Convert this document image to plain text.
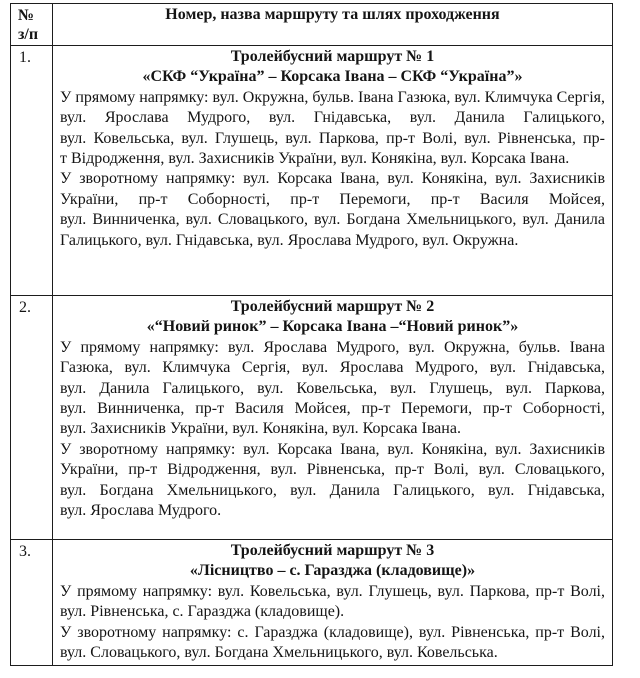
№
з/п	Номер, назва маршруту та шлях проходження
1.	Тролейбусний маршрут № 1
«СКФ “Україна” – Корсака Івана – СКФ “Україна”»

У прямому напрямку: вул. Окружна, бульв. Івана Газюка, вул. Климчука Сергія, вул. Ярослава Мудрого, вул. Гнідавська, вул. Данила Галицького, вул. Ковельська, вул. Глушець, вул. Паркова, пр-т Волі, вул. Рівненська, пр-т Відродження, вул. Захисників України, вул. Конякіна, вул. Корсака Івана.

У зворотному напрямку: вул. Корсака Івана, вул. Конякіна, вул. Захисників України, пр-т Соборності, пр-т Перемоги, пр-т Василя Мойсея, вул. Винниченка, вул. Словацького, вул. Богдана Хмельницького, вул. Данила Галицького, вул. Гнідавська, вул. Ярослава Мудрого, вул. Окружна.

2.	Тролейбусний маршрут № 2
«“Новий ринок” – Корсака Івана –“Новий ринок”»

У прямому напрямку: вул. Ярослава Мудрого, вул. Окружна, бульв. Івана Газюка, вул. Климчука Сергія, вул. Ярослава Мудрого, вул. Гнідавська, вул. Данила Галицького, вул. Ковельська, вул. Глушець, вул. Паркова, вул. Винниченка, пр-т Василя Мойсея, пр-т Перемоги, пр-т Соборності, вул. Захисників України, вул. Конякіна, вул. Корсака Івана.

У зворотному напрямку: вул. Корсака Івана, вул. Конякіна, вул. Захисників України, пр-т Відродження, вул. Рівненська, пр-т Волі, вул. Словацького, вул. Богдана Хмельницького, вул. Данила Галицького, вул. Гнідавська, вул. Ярослава Мудрого.

3.	Тролейбусний маршрут № 3
«Лісництво – с. Гаразджа (кладовище)»

У прямому напрямку: вул. Ковельська, вул. Глушець, вул. Паркова, пр-т Волі, вул. Рівненська, с. Гаразджа (кладовище).

У зворотному напрямку: с. Гаразджа (кладовище), вул. Рівненська, пр-т Волі, вул. Словацького, вул. Богдана Хмельницького, вул. Ковельська.
